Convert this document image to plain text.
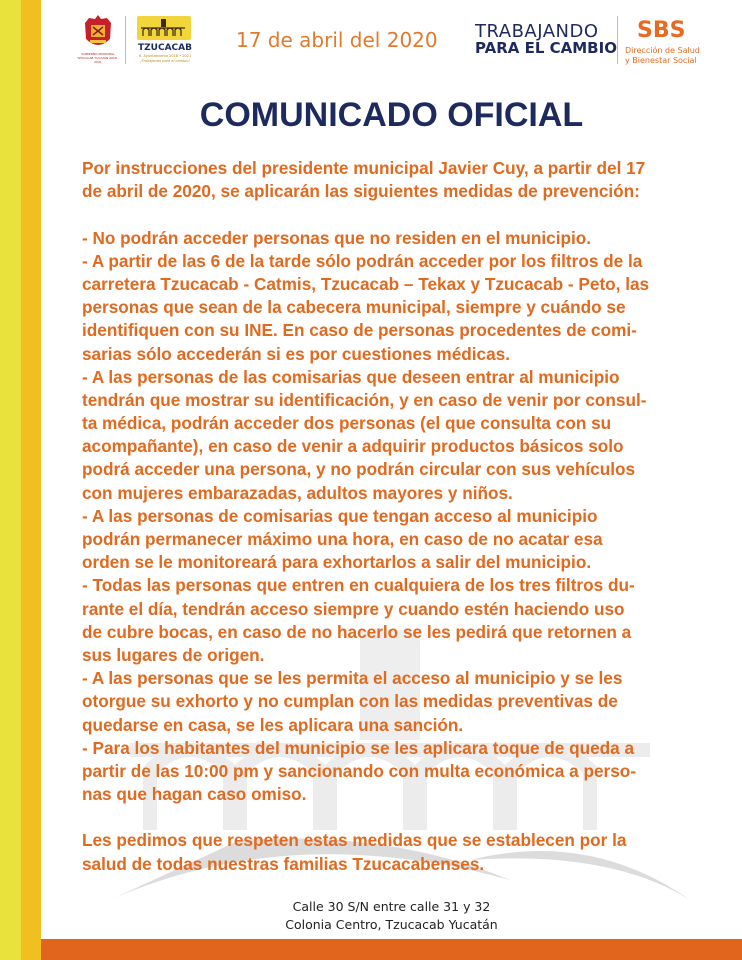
GOBIERNO MUNICIPAL TZUCACAB YUCATÁN 2018 - 2021
TZUCACAB
H. Ayuntamiento 2018 • 2021
¡Trabajando para el cambio!
17 de abril del 2020 TRABAJANDO
PARA EL CAMBIO
SBS
Dirección de Salud
y Bienestar Social
COMUNICADO OFICIAL
Por instrucciones del presidente municipal Javier Cuy, a partir del 17
de abril de 2020, se aplicarán las siguientes medidas de prevención:
- No podrán acceder personas que no residen en el municipio.
- A partir de las 6 de la tarde sólo podrán acceder por los filtros de la
carretera Tzucacab - Catmis, Tzucacab – Tekax y Tzucacab - Peto, las
personas que sean de la cabecera municipal, siempre y cuándo se
identifiquen con su INE. En caso de personas procedentes de comi-
sarias sólo accederán si es por cuestiones médicas.
- A las personas de las comisarias que deseen entrar al municipio
tendrán que mostrar su identificación, y en caso de venir por consul-
ta médica, podrán acceder dos personas (el que consulta con su
acompañante), en caso de venir a adquirir productos básicos solo
podrá acceder una persona, y no podrán circular con sus vehículos
con mujeres embarazadas, adultos mayores y niños.
- A las personas de comisarias que tengan acceso al municipio
podrán permanecer máximo una hora, en caso de no acatar esa
orden se le monitoreará para exhortarlos a salir del municipio.
- Todas las personas que entren en cualquiera de los tres filtros du-
rante el día, tendrán acceso siempre y cuando estén haciendo uso
de cubre bocas, en caso de no hacerlo se les pedirá que retornen a
sus lugares de origen.
- A las personas que se les permita el acceso al municipio y se les
otorgue su exhorto y no cumplan con las medidas preventivas de
quedarse en casa, se les aplicara una sanción.
- Para los habitantes del municipio se les aplicara toque de queda a
partir de las 10:00 pm y sancionando con multa económica a perso-
nas que hagan caso omiso.
Les pedimos que respeten estas medidas que se establecen por la
salud de todas nuestras familias Tzucacabenses.
Calle 30 S/N entre calle 31 y 32
Colonia Centro, Tzucacab Yucatán
